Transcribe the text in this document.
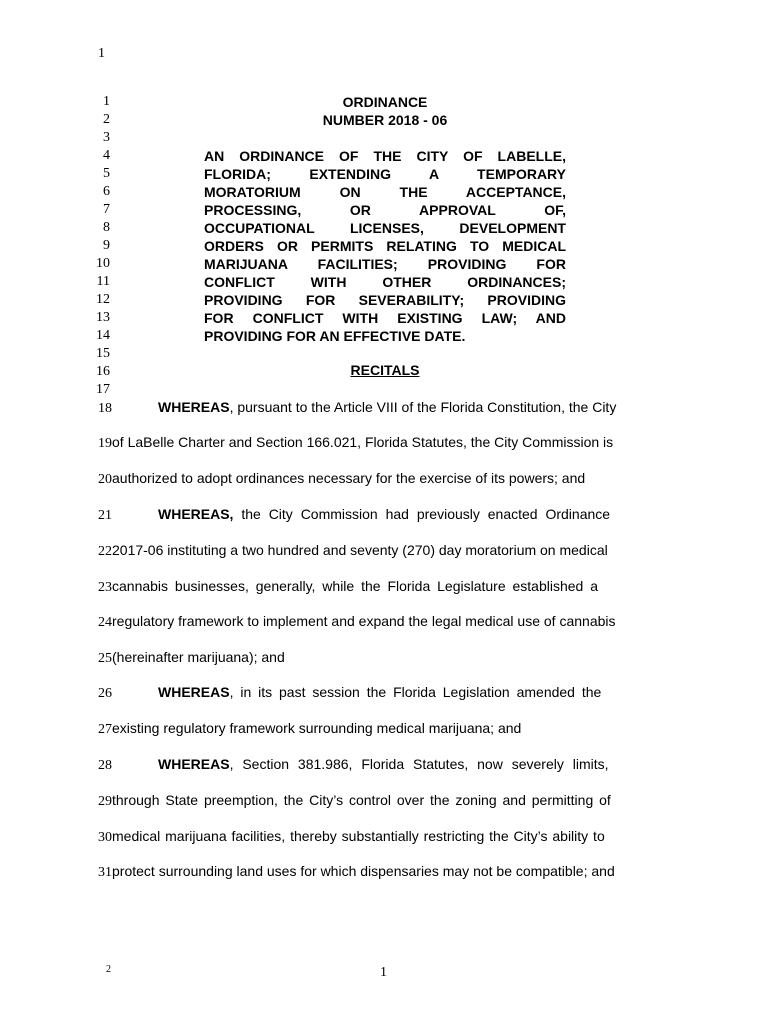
1
1
2
3
4
5
6
7
8
9
10
11
12
13
14
15
16
17
ORDINANCE
NUMBER 2018 - 06
AN ORDINANCE OF THE CITY OF LABELLE,
FLORIDA; EXTENDING A TEMPORARY
MORATORIUM ON THE ACCEPTANCE,
PROCESSING, OR APPROVAL OF,
OCCUPATIONAL LICENSES, DEVELOPMENT
ORDERS OR PERMITS RELATING TO MEDICAL
MARIJUANA FACILITIES; PROVIDING FOR
CONFLICT WITH OTHER ORDINANCES;
PROVIDING FOR SEVERABILITY; PROVIDING
FOR CONFLICT WITH EXISTING LAW; AND
PROVIDING FOR AN EFFECTIVE DATE.
RECITALS
18	WHEREAS, pursuant to the Article VIII of the Florida Constitution, the City
19of LaBelle Charter and Section 166.021, Florida Statutes, the City Commission is
20authorized to adopt ordinances necessary for the exercise of its powers; and
21	WHEREAS, the City Commission had previously enacted Ordinance
222017-06 instituting a two hundred and seventy (270) day moratorium on medical
23cannabis businesses, generally, while the Florida Legislature established a
24regulatory framework to implement and expand the legal medical use of cannabis
25(hereinafter marijuana); and
26	WHEREAS, in its past session the Florida Legislation amended the
27existing regulatory framework surrounding medical marijuana; and
28	WHEREAS, Section 381.986, Florida Statutes, now severely limits,
29through State preemption, the City’s control over the zoning and permitting of
30medical marijuana facilities, thereby substantially restricting the City’s ability to
31protect surrounding land uses for which dispensaries may not be compatible; and
2	1
